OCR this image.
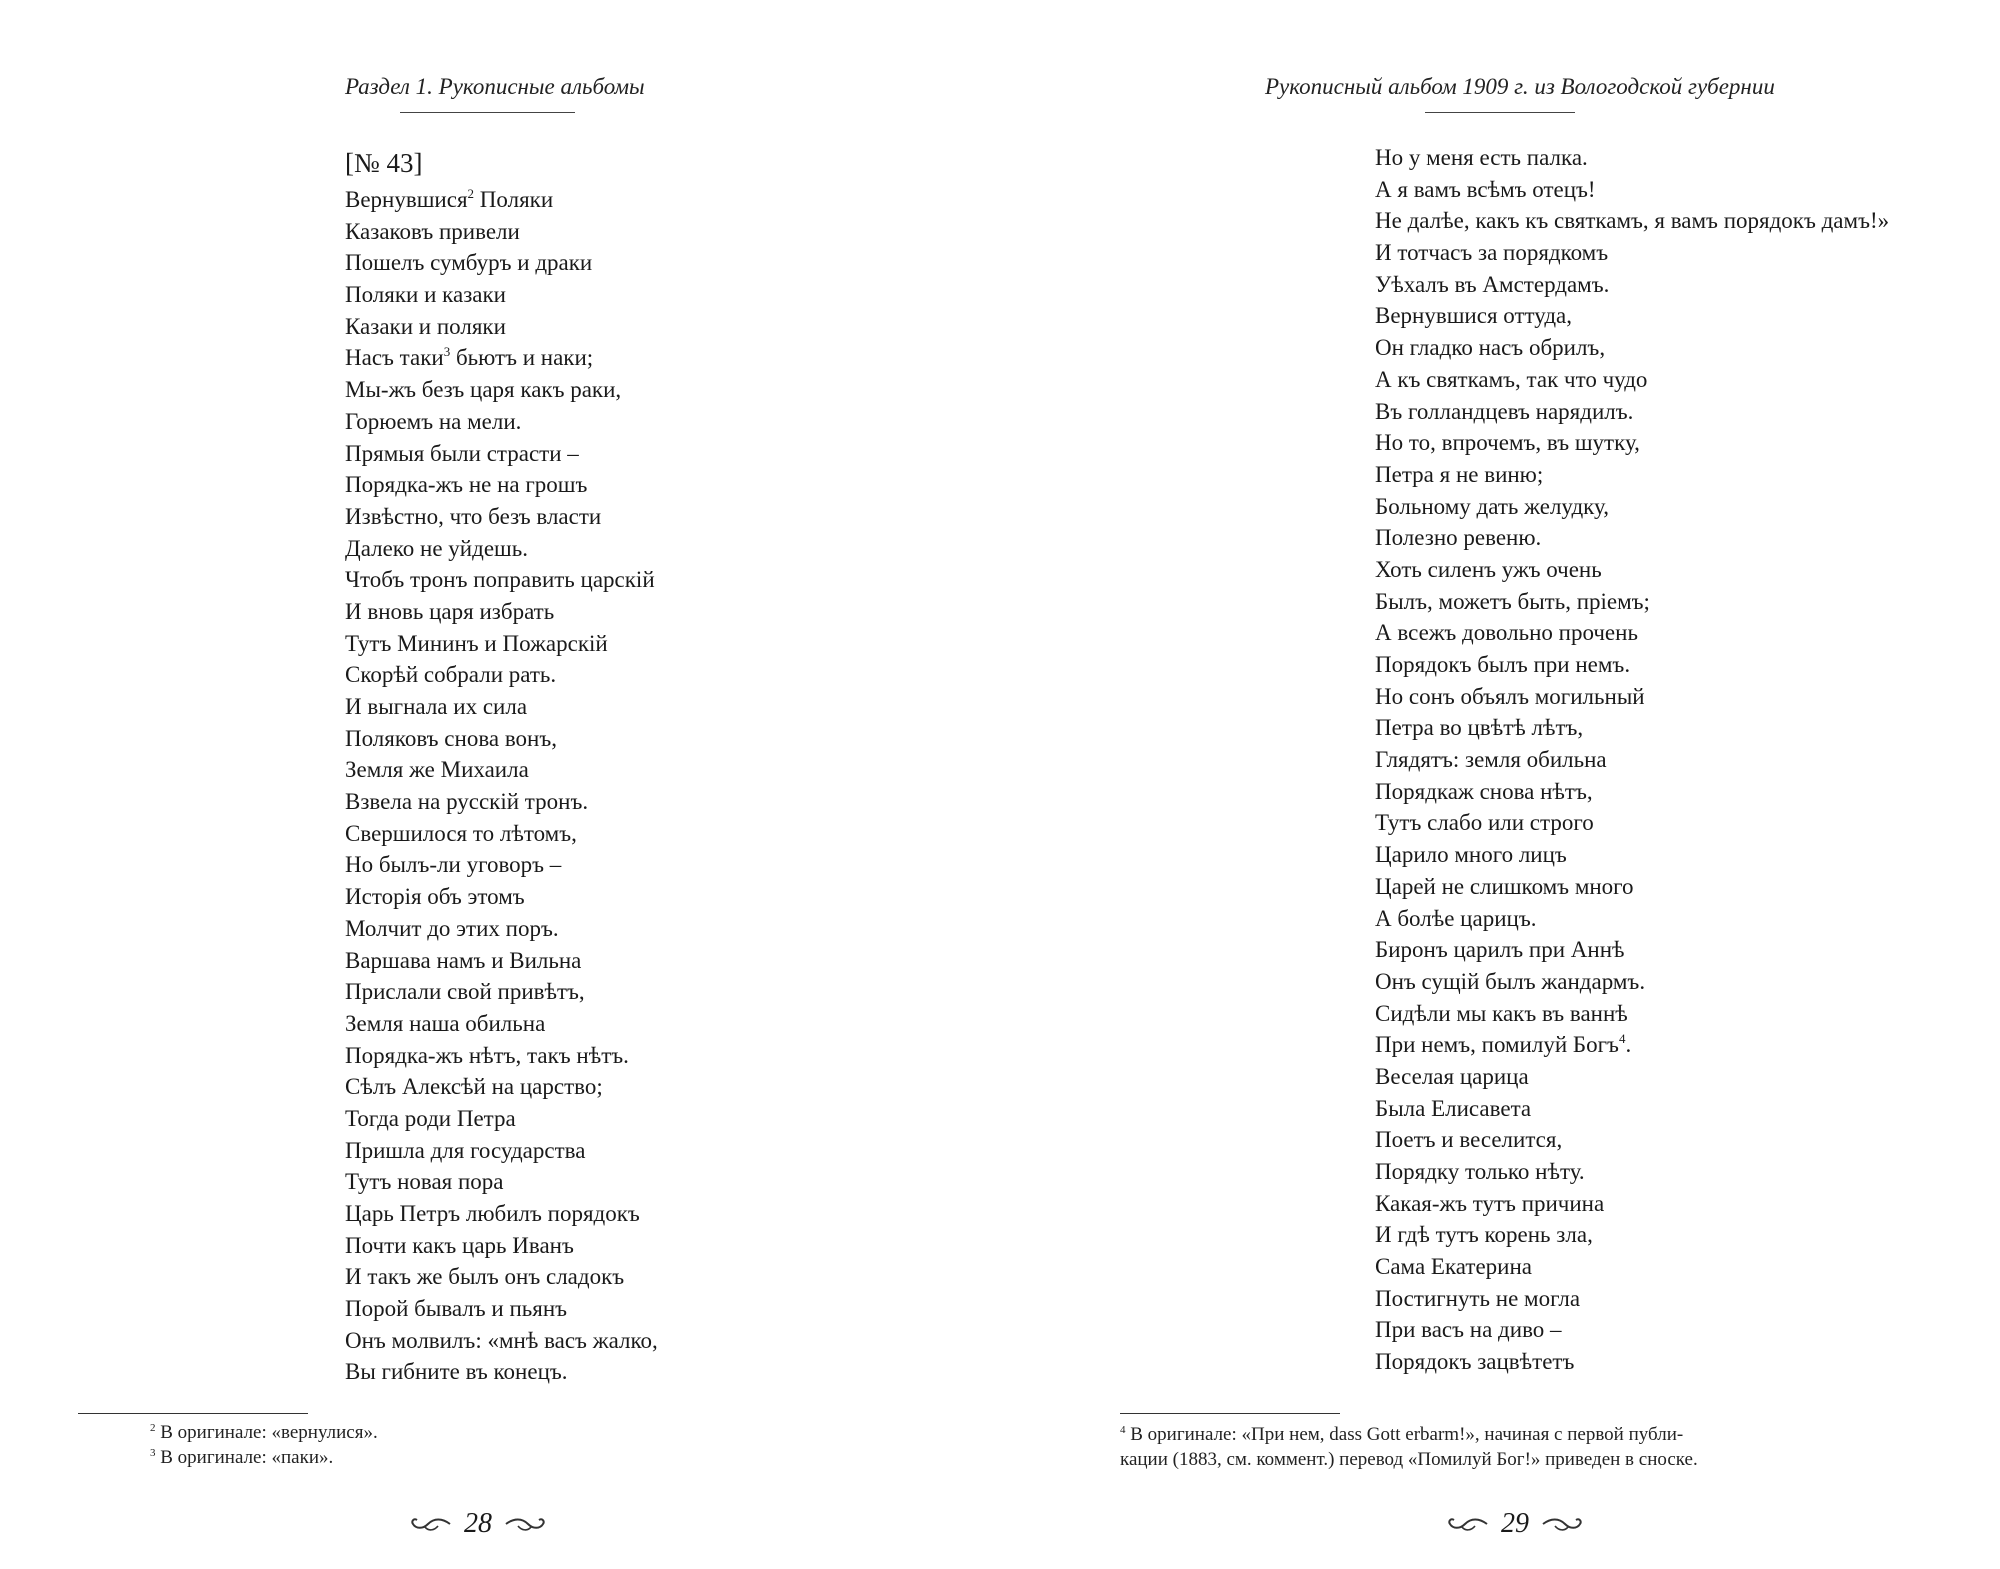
Раздел 1. Рукописные альбомы
[№ 43]
Вернувшися$^2$ Поляки
Казаковъ привели
Пошелъ сумбуръ и драки
Поляки и казаки
Казаки и поляки
Насъ таки$^3$ бьютъ и наки;
Мы-жъ безъ царя какъ раки,
Горюемъ на мели.
Прямыя были страсти –
Порядка-жъ не на грошъ
Извѣстно, что безъ власти
Далеко не уйдешь.
Чтобъ тронъ поправить царскій
И вновь царя избрать
Тутъ Мининъ и Пожарскій
Скорѣй собрали рать.
И выгнала их сила
Поляковъ снова вонъ,
Земля же Михаила
Взвела на русскій тронъ.
Свершилося то лѣтомъ,
Но былъ-ли уговоръ –
Исторія объ этомъ
Молчит до этих поръ.
Варшава намъ и Вильна
Прислали свой привѣтъ,
Земля наша обильна
Порядка-жъ нѣтъ, такъ нѣтъ.
Сѣлъ Алексѣй на царство;
Тогда роди Петра
Пришла для государства
Тутъ новая пора
Царь Петръ любилъ порядокъ
Почти какъ царь Иванъ
И такъ же былъ онъ сладокъ
Порой бывалъ и пьянъ
Онъ молвилъ: «мнѣ васъ жалко,
Вы гибните въ конецъ.
$^2$ В оригинале: «вернулися».
$^3$ В оригинале: «паки».
28
Рукописный альбом 1909 г. из Вологодской губернии
Но у меня есть палка.
А я вамъ всѣмъ отецъ!
Не далѣе, какъ къ святкамъ, я вамъ порядокъ дамъ!»
И тотчасъ за порядкомъ
Уѣхалъ въ Амстердамъ.
Вернувшися оттуда,
Он гладко насъ обрилъ,
А къ святкамъ, так что чудо
Въ голландцевъ нарядилъ.
Но то, впрочемъ, въ шутку,
Петра я не виню;
Больному дать желудку,
Полезно ревеню.
Хоть силенъ ужъ очень
Былъ, можетъ быть, пріемъ;
А всежъ довольно прочень
Порядокъ былъ при немъ.
Но сонъ объялъ могильный
Петра во цвѣтѣ лѣтъ,
Глядятъ: земля обильна
Порядкаж снова нѣтъ,
Тутъ слабо или строго
Царило много лицъ
Царей не слишкомъ много
А болѣе царицъ.
Биронъ царилъ при Аннѣ
Онъ сущій былъ жандармъ.
Сидѣли мы какъ въ ваннѣ
При немъ, помилуй Богъ$^4$.
Веселая царица
Была Елисавета
Поетъ и веселится,
Порядку только нѣту.
Какая-жъ тутъ причина
И гдѣ тутъ корень зла,
Сама Екатерина
Постигнуть не могла
При васъ на диво –
Порядокъ зацвѣтетъ
$^4$ В оригинале: «При нем, dass Gott erbarm!», начиная с первой публи-
кации (1883, см. коммент.) перевод «Помилуй Бог!» приведен в сноске.
29
